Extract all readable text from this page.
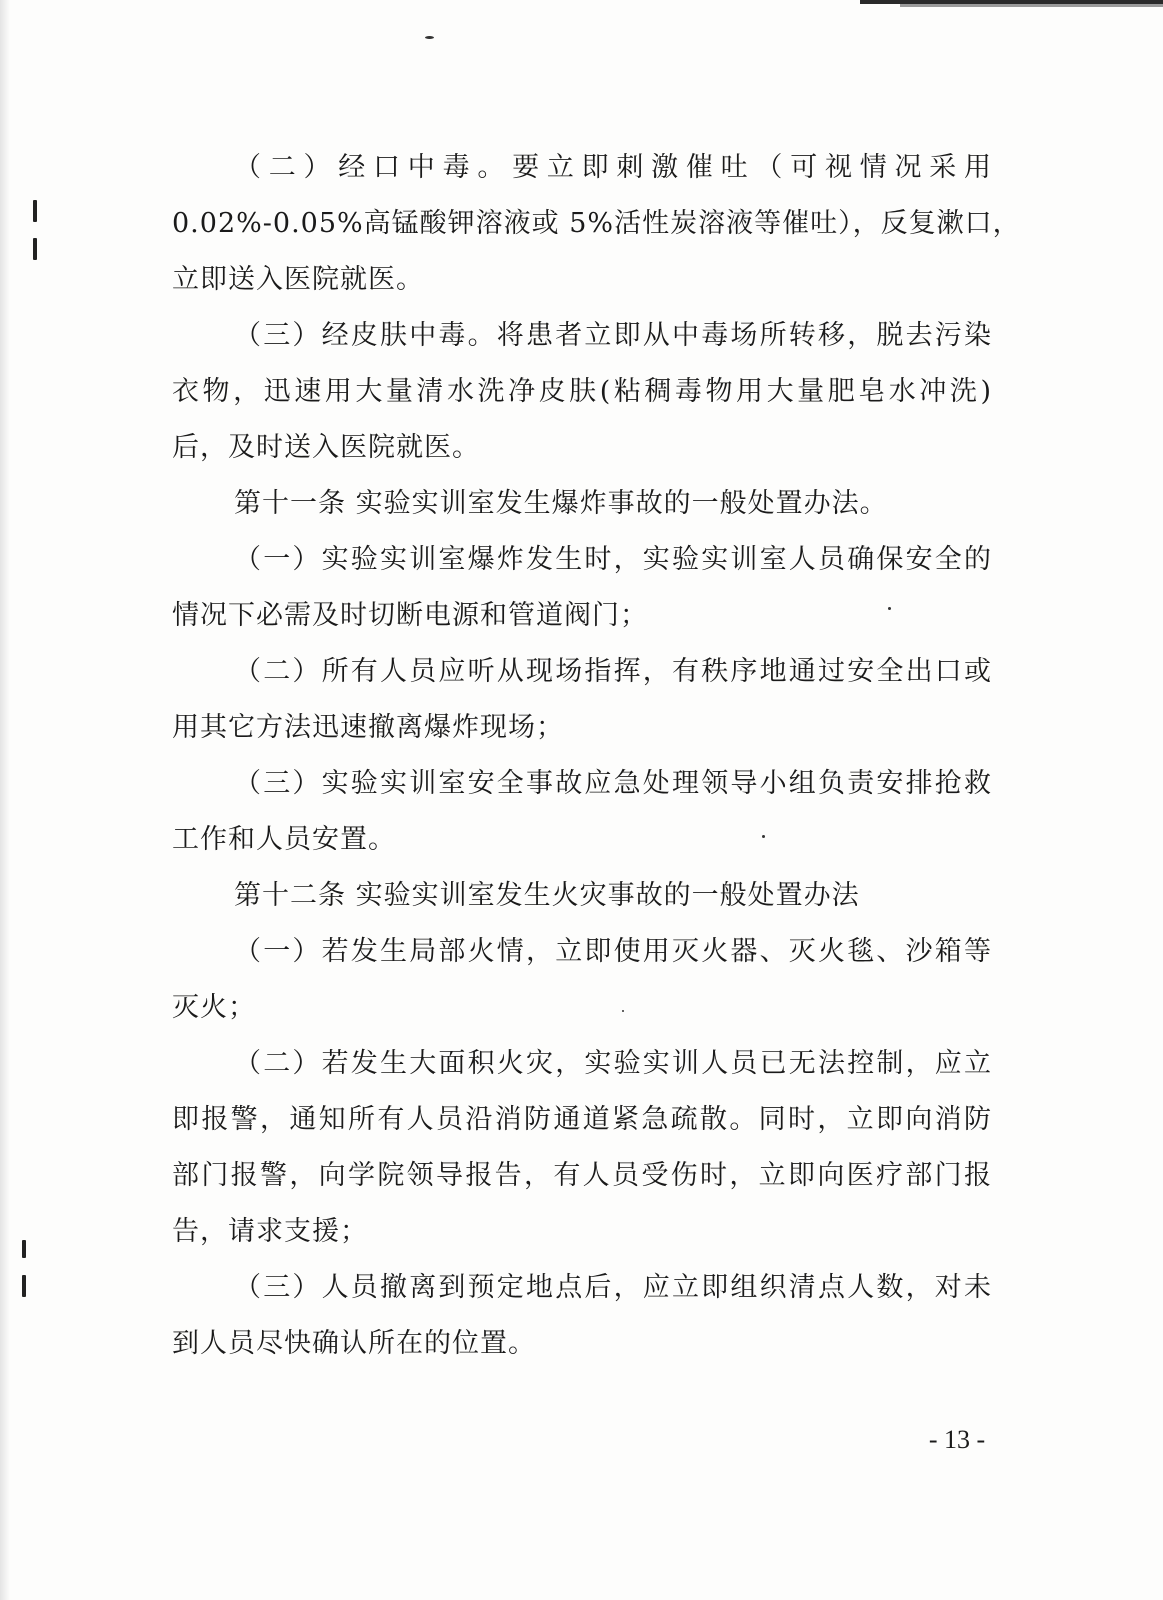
（二）经口中毒。要立即刺激催吐（可视情况采用
0.02%-0.05%高锰酸钾溶液或 5%活性炭溶液等催吐），反复漱口，
立即送入医院就医。
（三）经皮肤中毒。将患者立即从中毒场所转移，脱去污染
衣物，迅速用大量清水洗净皮肤(粘稠毒物用大量肥皂水冲洗)
后，及时送入医院就医。
第十一条 实验实训室发生爆炸事故的一般处置办法。
（一）实验实训室爆炸发生时，实验实训室人员确保安全的
情况下必需及时切断电源和管道阀门；
（二）所有人员应听从现场指挥，有秩序地通过安全出口或
用其它方法迅速撤离爆炸现场；
（三）实验实训室安全事故应急处理领导小组负责安排抢救
工作和人员安置。
第十二条 实验实训室发生火灾事故的一般处置办法
（一）若发生局部火情，立即使用灭火器、灭火毯、沙箱等
灭火；
（二）若发生大面积火灾，实验实训人员已无法控制，应立
即报警，通知所有人员沿消防通道紧急疏散。同时，立即向消防
部门报警，向学院领导报告，有人员受伤时，立即向医疗部门报
告，请求支援；
（三）人员撤离到预定地点后，应立即组织清点人数，对未
到人员尽快确认所在的位置。
- 13 -
